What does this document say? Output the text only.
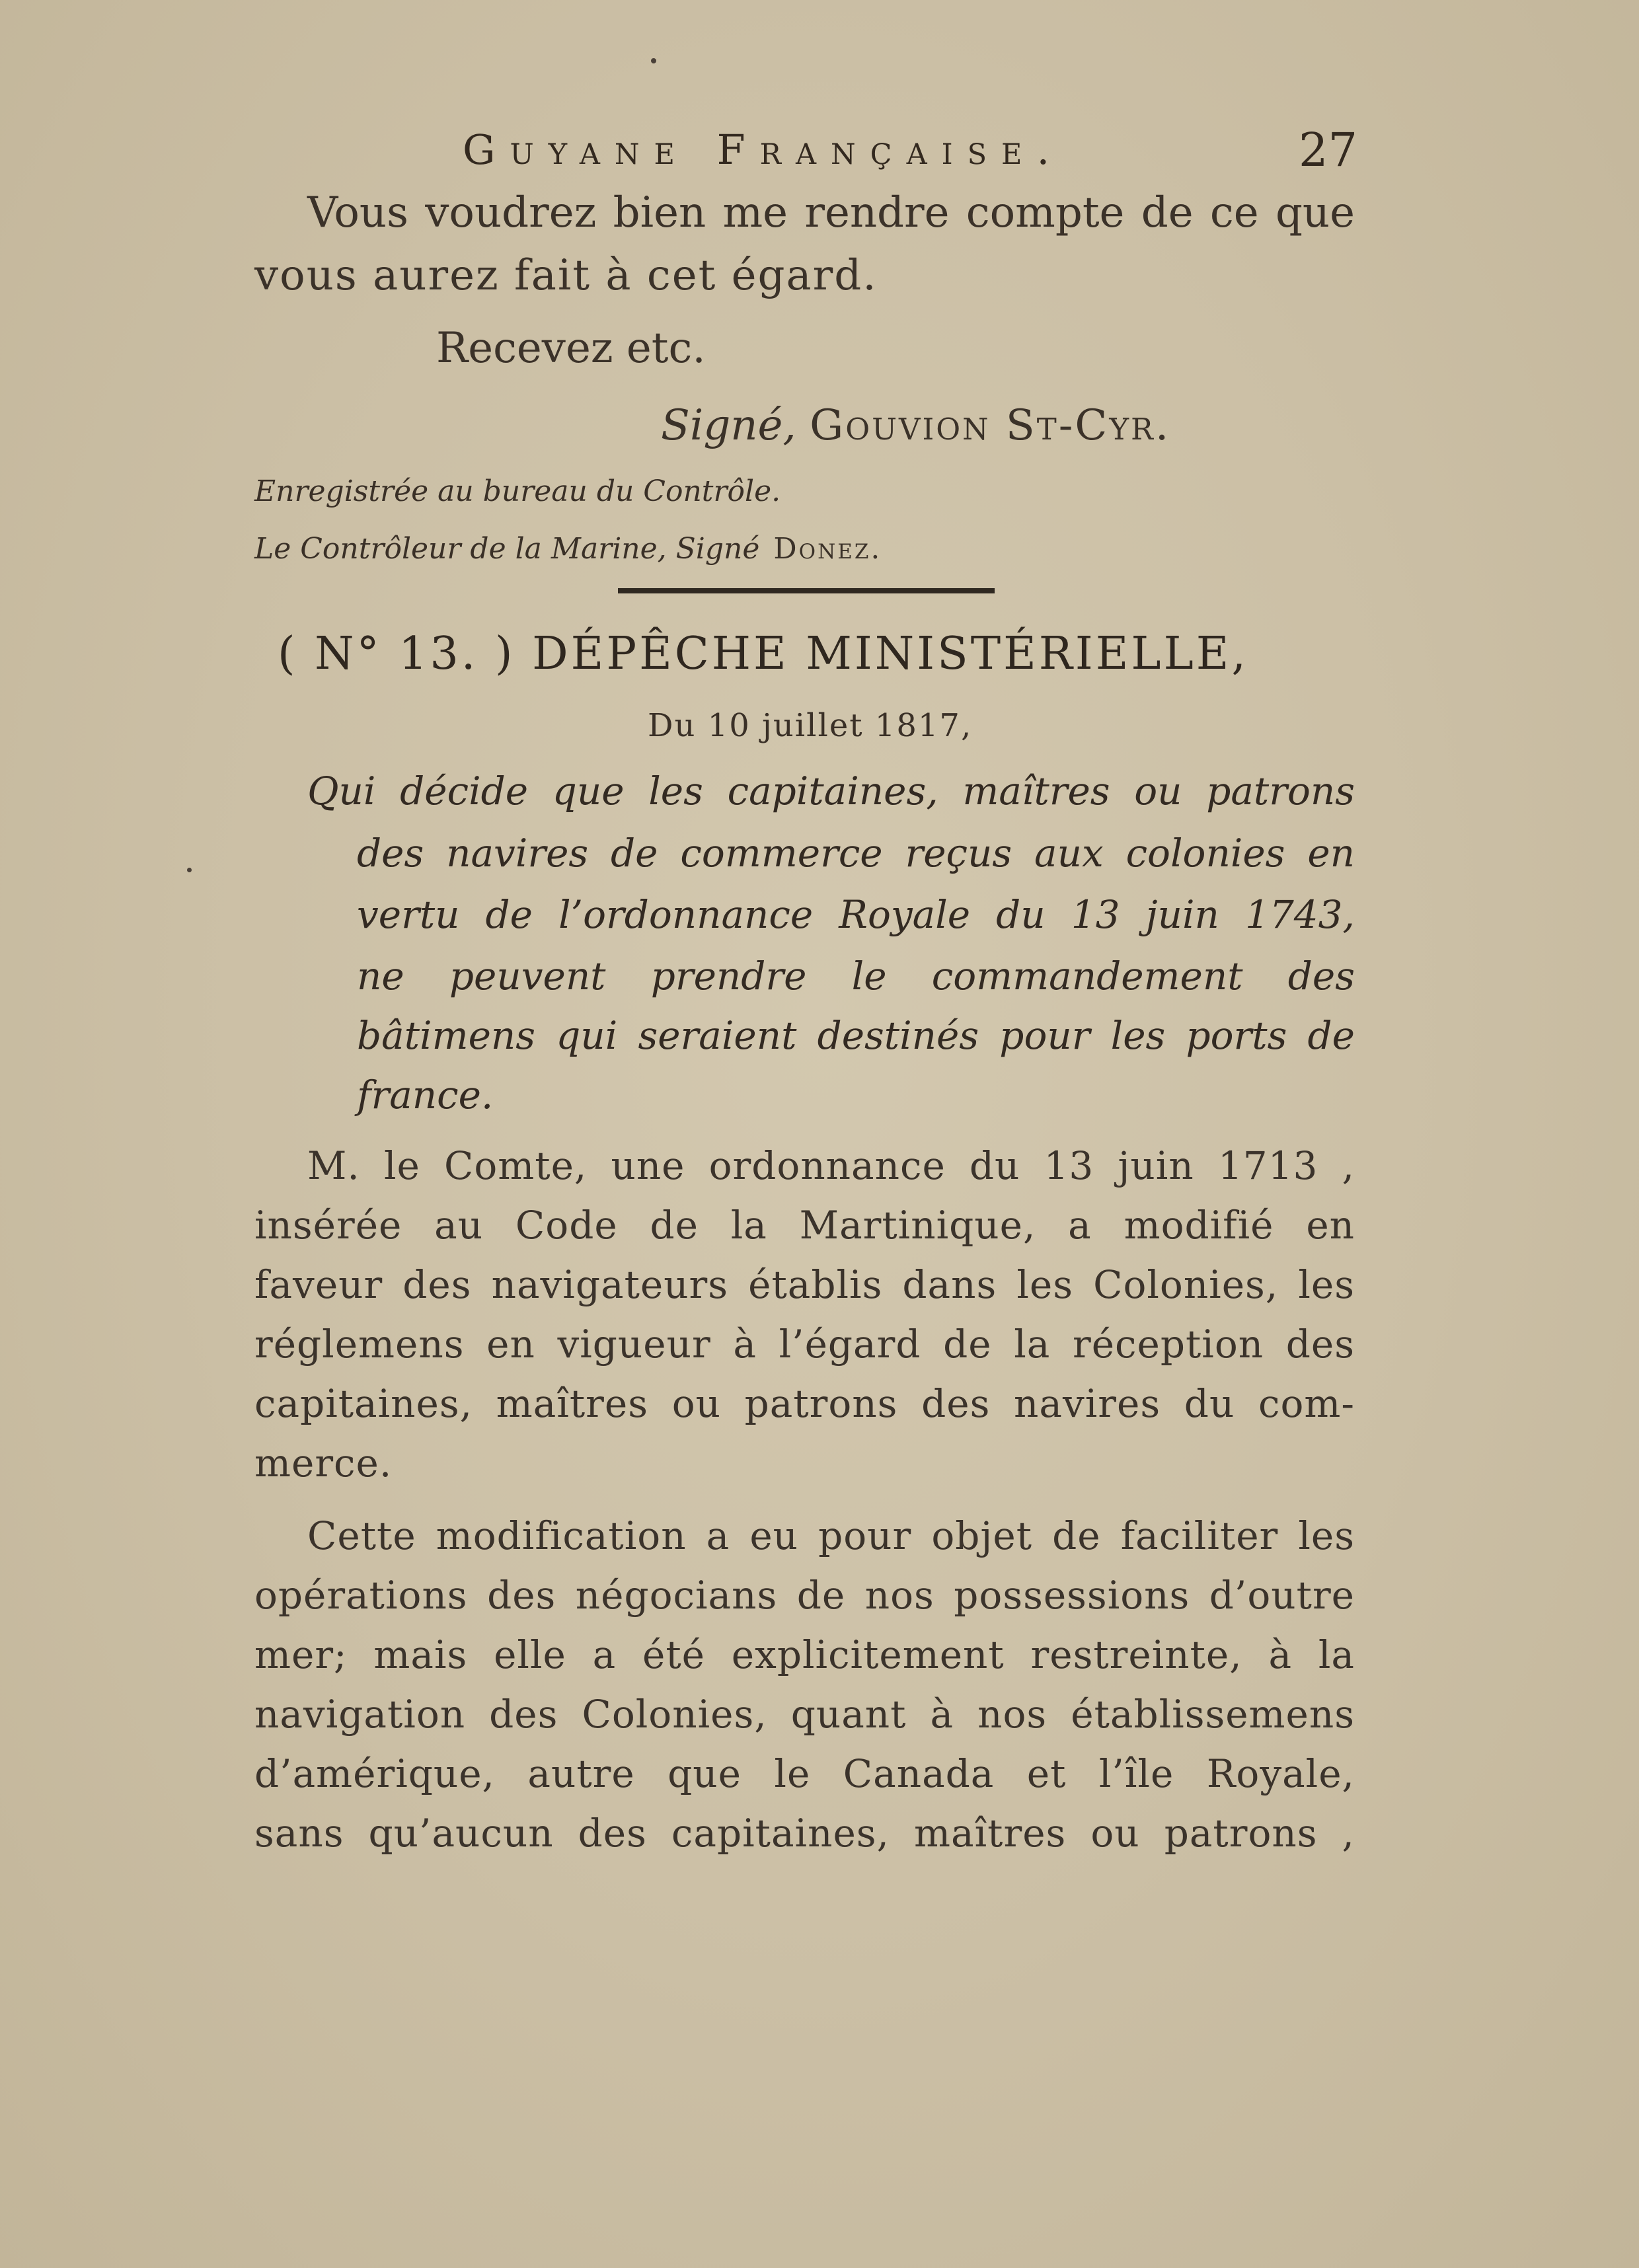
Guyane Française.	27
Vous voudrez bien me rendre compte de ce que
vous aurez fait à cet égard.
Recevez etc.
Signé, Gouvion St-Cyr.
Enregistrée au bureau du Contrôle.
Le Contrôleur de la Marine, Signé Donez.
( N° 13. ) DÉPÊCHE MINISTÉRIELLE,
Du 10 juillet 1817,
Qui décide que les capitaines, maîtres ou patrons
des navires de commerce reçus aux colonies en
vertu de l’ordonnance Royale du 13 juin 1743,
ne peuvent prendre le commandement des
bâtimens qui seraient destinés pour les ports de
france.
M. le Comte, une ordonnance du 13 juin 1713 ,
insérée au Code de la Martinique, a modifié en
faveur des navigateurs établis dans les Colonies, les
réglemens en vigueur à l’égard de la réception des
capitaines, maîtres ou patrons des navires du com-
merce.
Cette modification a eu pour objet de faciliter les
opérations des négocians de nos possessions d’outre
mer; mais elle a été explicitement restreinte, à la
navigation des Colonies, quant à nos établissemens
d’amérique, autre que le Canada et l’île Royale,
sans qu’aucun des capitaines, maîtres ou patrons ,
